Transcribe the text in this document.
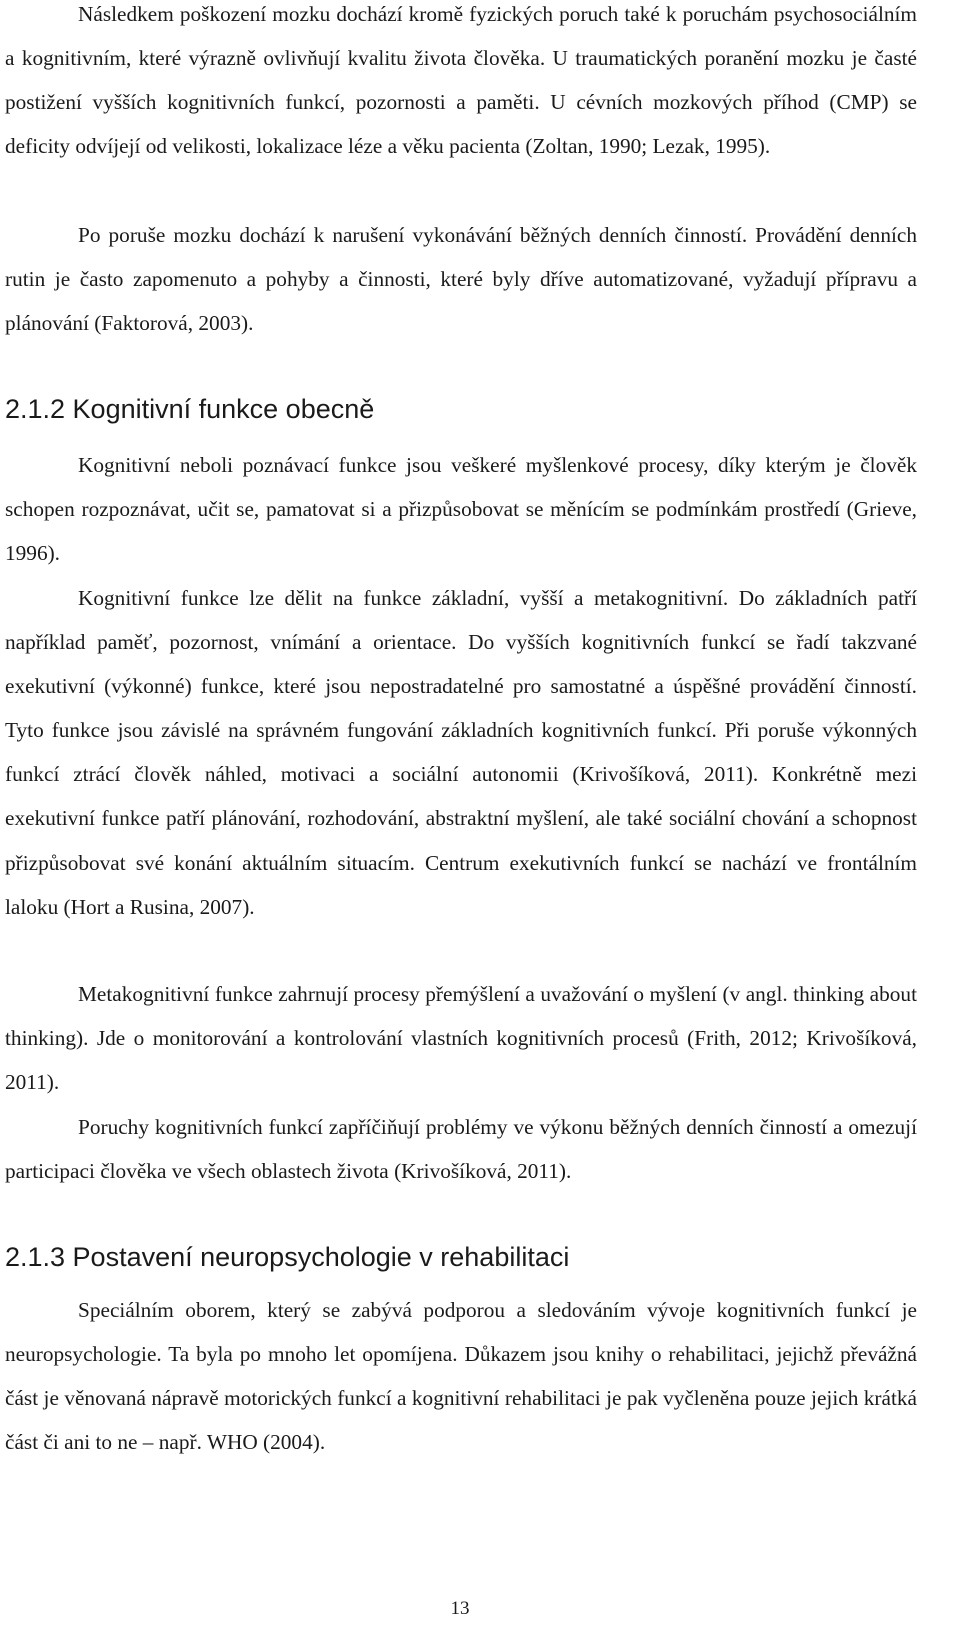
Následkem poškození mozku dochází kromě fyzických poruch také k poruchám psychosociálním a kognitivním, které výrazně ovlivňují kvalitu života člověka. U traumatických poranění mozku je časté postižení vyšších kognitivních funkcí, pozornosti a paměti. U cévních mozkových příhod (CMP) se deficity odvíjejí od velikosti, lokalizace léze a věku pacienta (Zoltan, 1990; Lezak, 1995).

Po poruše mozku dochází k narušení vykonávání běžných denních činností. Provádění denních rutin je často zapomenuto a pohyby a činnosti, které byly dříve automatizované, vyžadují přípravu a plánování (Faktorová, 2003).

2.1.2 Kognitivní funkce obecně

Kognitivní neboli poznávací funkce jsou veškeré myšlenkové procesy, díky kterým je člověk schopen rozpoznávat, učit se, pamatovat si a přizpůsobovat se měnícím se podmínkám prostředí (Grieve, 1996).

Kognitivní funkce lze dělit na funkce základní, vyšší a metakognitivní. Do základních patří například paměť, pozornost, vnímání a orientace. Do vyšších kognitivních funkcí se řadí takzvané exekutivní (výkonné) funkce, které jsou nepostradatelné pro samostatné a úspěšné provádění činností. Tyto funkce jsou závislé na správném fungování základních kognitivních funkcí. Při poruše výkonných funkcí ztrácí člověk náhled, motivaci a sociální autonomii (Krivošíková, 2011). Konkrétně mezi exekutivní funkce patří plánování, rozhodování, abstraktní myšlení, ale také sociální chování a schopnost přizpůsobovat své konání aktuálním situacím. Centrum exekutivních funkcí se nachází ve frontálním laloku (Hort a Rusina, 2007).

Metakognitivní funkce zahrnují procesy přemýšlení a uvažování o myšlení (v angl. thinking about thinking). Jde o monitorování a kontrolování vlastních kognitivních procesů (Frith, 2012; Krivošíková, 2011).

Poruchy kognitivních funkcí zapříčiňují problémy ve výkonu běžných denních činností a omezují participaci člověka ve všech oblastech života (Krivošíková, 2011).

2.1.3 Postavení neuropsychologie v rehabilitaci

Speciálním oborem, který se zabývá podporou a sledováním vývoje kognitivních funkcí je neuropsychologie. Ta byla po mnoho let opomíjena. Důkazem jsou knihy o rehabilitaci, jejichž převážná část je věnovaná nápravě motorických funkcí a kognitivní rehabilitaci je pak vyčleněna pouze jejich krátká část či ani to ne – např. WHO (2004).

13
